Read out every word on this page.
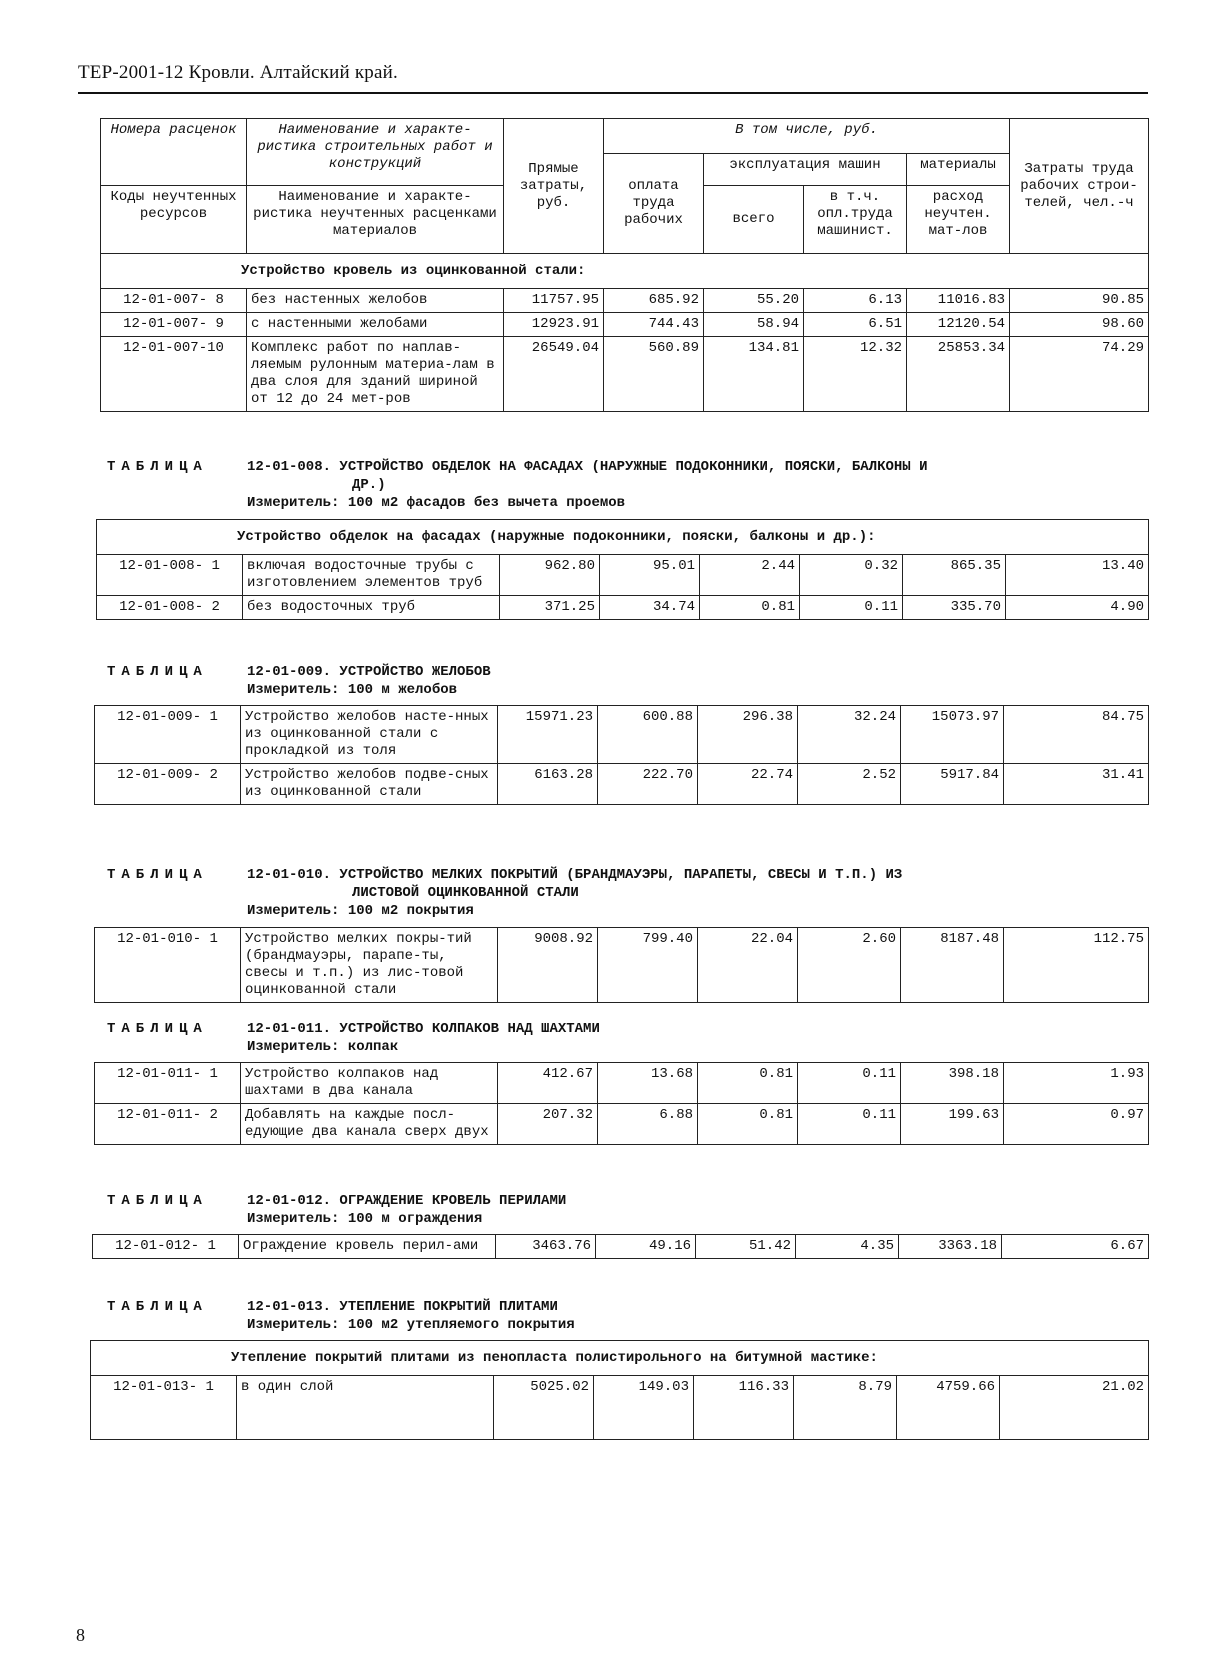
ТЕР-2001-12 Кровли. Алтайский край.
Номера расценок	Наименование и характе-ристика строительных работ и конструкций	Прямые затраты, руб.	В том числе, руб.				Затраты труда рабочих строи-телей, чел.-ч
			оплата труда рабочих	эксплуатация машин		материалы	
Коды неучтенных ресурсов	Наименование и характе-ристика неучтенных расценками материалов			всего	в т.ч. опл.труда машинист.	расход неучтен. мат-лов	

Устройство кровель из оцинкованной стали:							
12-01-007- 8	без настенных желобов	11757.95	685.92	55.20	6.13	11016.83	90.85
12-01-007- 9	с настенными желобами	12923.91	744.43	58.94	6.51	12120.54	98.60
12-01-007-10	Комплекс работ по наплав-ляемым рулонным материа-лам в два слоя для зданий шириной от 12 до 24 мет-ров	26549.04	560.89	134.81	12.32	25853.34	74.29
ТАБЛИЦА	12-01-008. УСТРОЙСТВО ОБДЕЛОК НА ФАСАДАХ (НАРУЖНЫЕ ПОДОКОННИКИ, ПОЯСКИ, БАЛКОНЫ И
ДР.)
Измеритель: 100 м2 фасадов без вычета проемов
Устройство обделок на фасадах (наружные подоконники, пояски, балконы и др.):							
12-01-008- 1	включая водосточные трубы с изготовлением элементов труб	962.80	95.01	2.44	0.32	865.35	13.40
12-01-008- 2	без водосточных труб	371.25	34.74	0.81	0.11	335.70	4.90
ТАБЛИЦА	12-01-009. УСТРОЙСТВО ЖЕЛОБОВ
Измеритель: 100 м желобов
12-01-009- 1	Устройство желобов насте-нных из оцинкованной стали с прокладкой из толя	15971.23	600.88	296.38	32.24	15073.97	84.75
12-01-009- 2	Устройство желобов подве-сных из оцинкованной стали	6163.28	222.70	22.74	2.52	5917.84	31.41
ТАБЛИЦА	12-01-010. УСТРОЙСТВО МЕЛКИХ ПОКРЫТИЙ (БРАНДМАУЭРЫ, ПАРАПЕТЫ, СВЕСЫ И Т.П.) ИЗ
ЛИСТОВОЙ ОЦИНКОВАННОЙ СТАЛИ
Измеритель: 100 м2 покрытия
12-01-010- 1	Устройство мелких покры-тий (брандмауэры, парапе-ты, свесы и т.п.) из лис-товой оцинкованной стали	9008.92	799.40	22.04	2.60	8187.48	112.75
ТАБЛИЦА	12-01-011. УСТРОЙСТВО КОЛПАКОВ НАД ШАХТАМИ
Измеритель: колпак
12-01-011- 1	Устройство колпаков над шахтами в два канала	412.67	13.68	0.81	0.11	398.18	1.93
12-01-011- 2	Добавлять на каждые посл-едующие два канала сверх двух	207.32	6.88	0.81	0.11	199.63	0.97
ТАБЛИЦА	12-01-012. ОГРАЖДЕНИЕ КРОВЕЛЬ ПЕРИЛАМИ
Измеритель: 100 м ограждения
12-01-012- 1	Ограждение кровель перил-ами	3463.76	49.16	51.42	4.35	3363.18	6.67
ТАБЛИЦА	12-01-013. УТЕПЛЕНИЕ ПОКРЫТИЙ ПЛИТАМИ
Измеритель: 100 м2 утепляемого покрытия
Утепление покрытий плитами из пенопласта полистирольного на битумной мастике:
12-01-013- 1	в один слой	5025.02	149.03	116.33	8.79	4759.66	21.02
8
